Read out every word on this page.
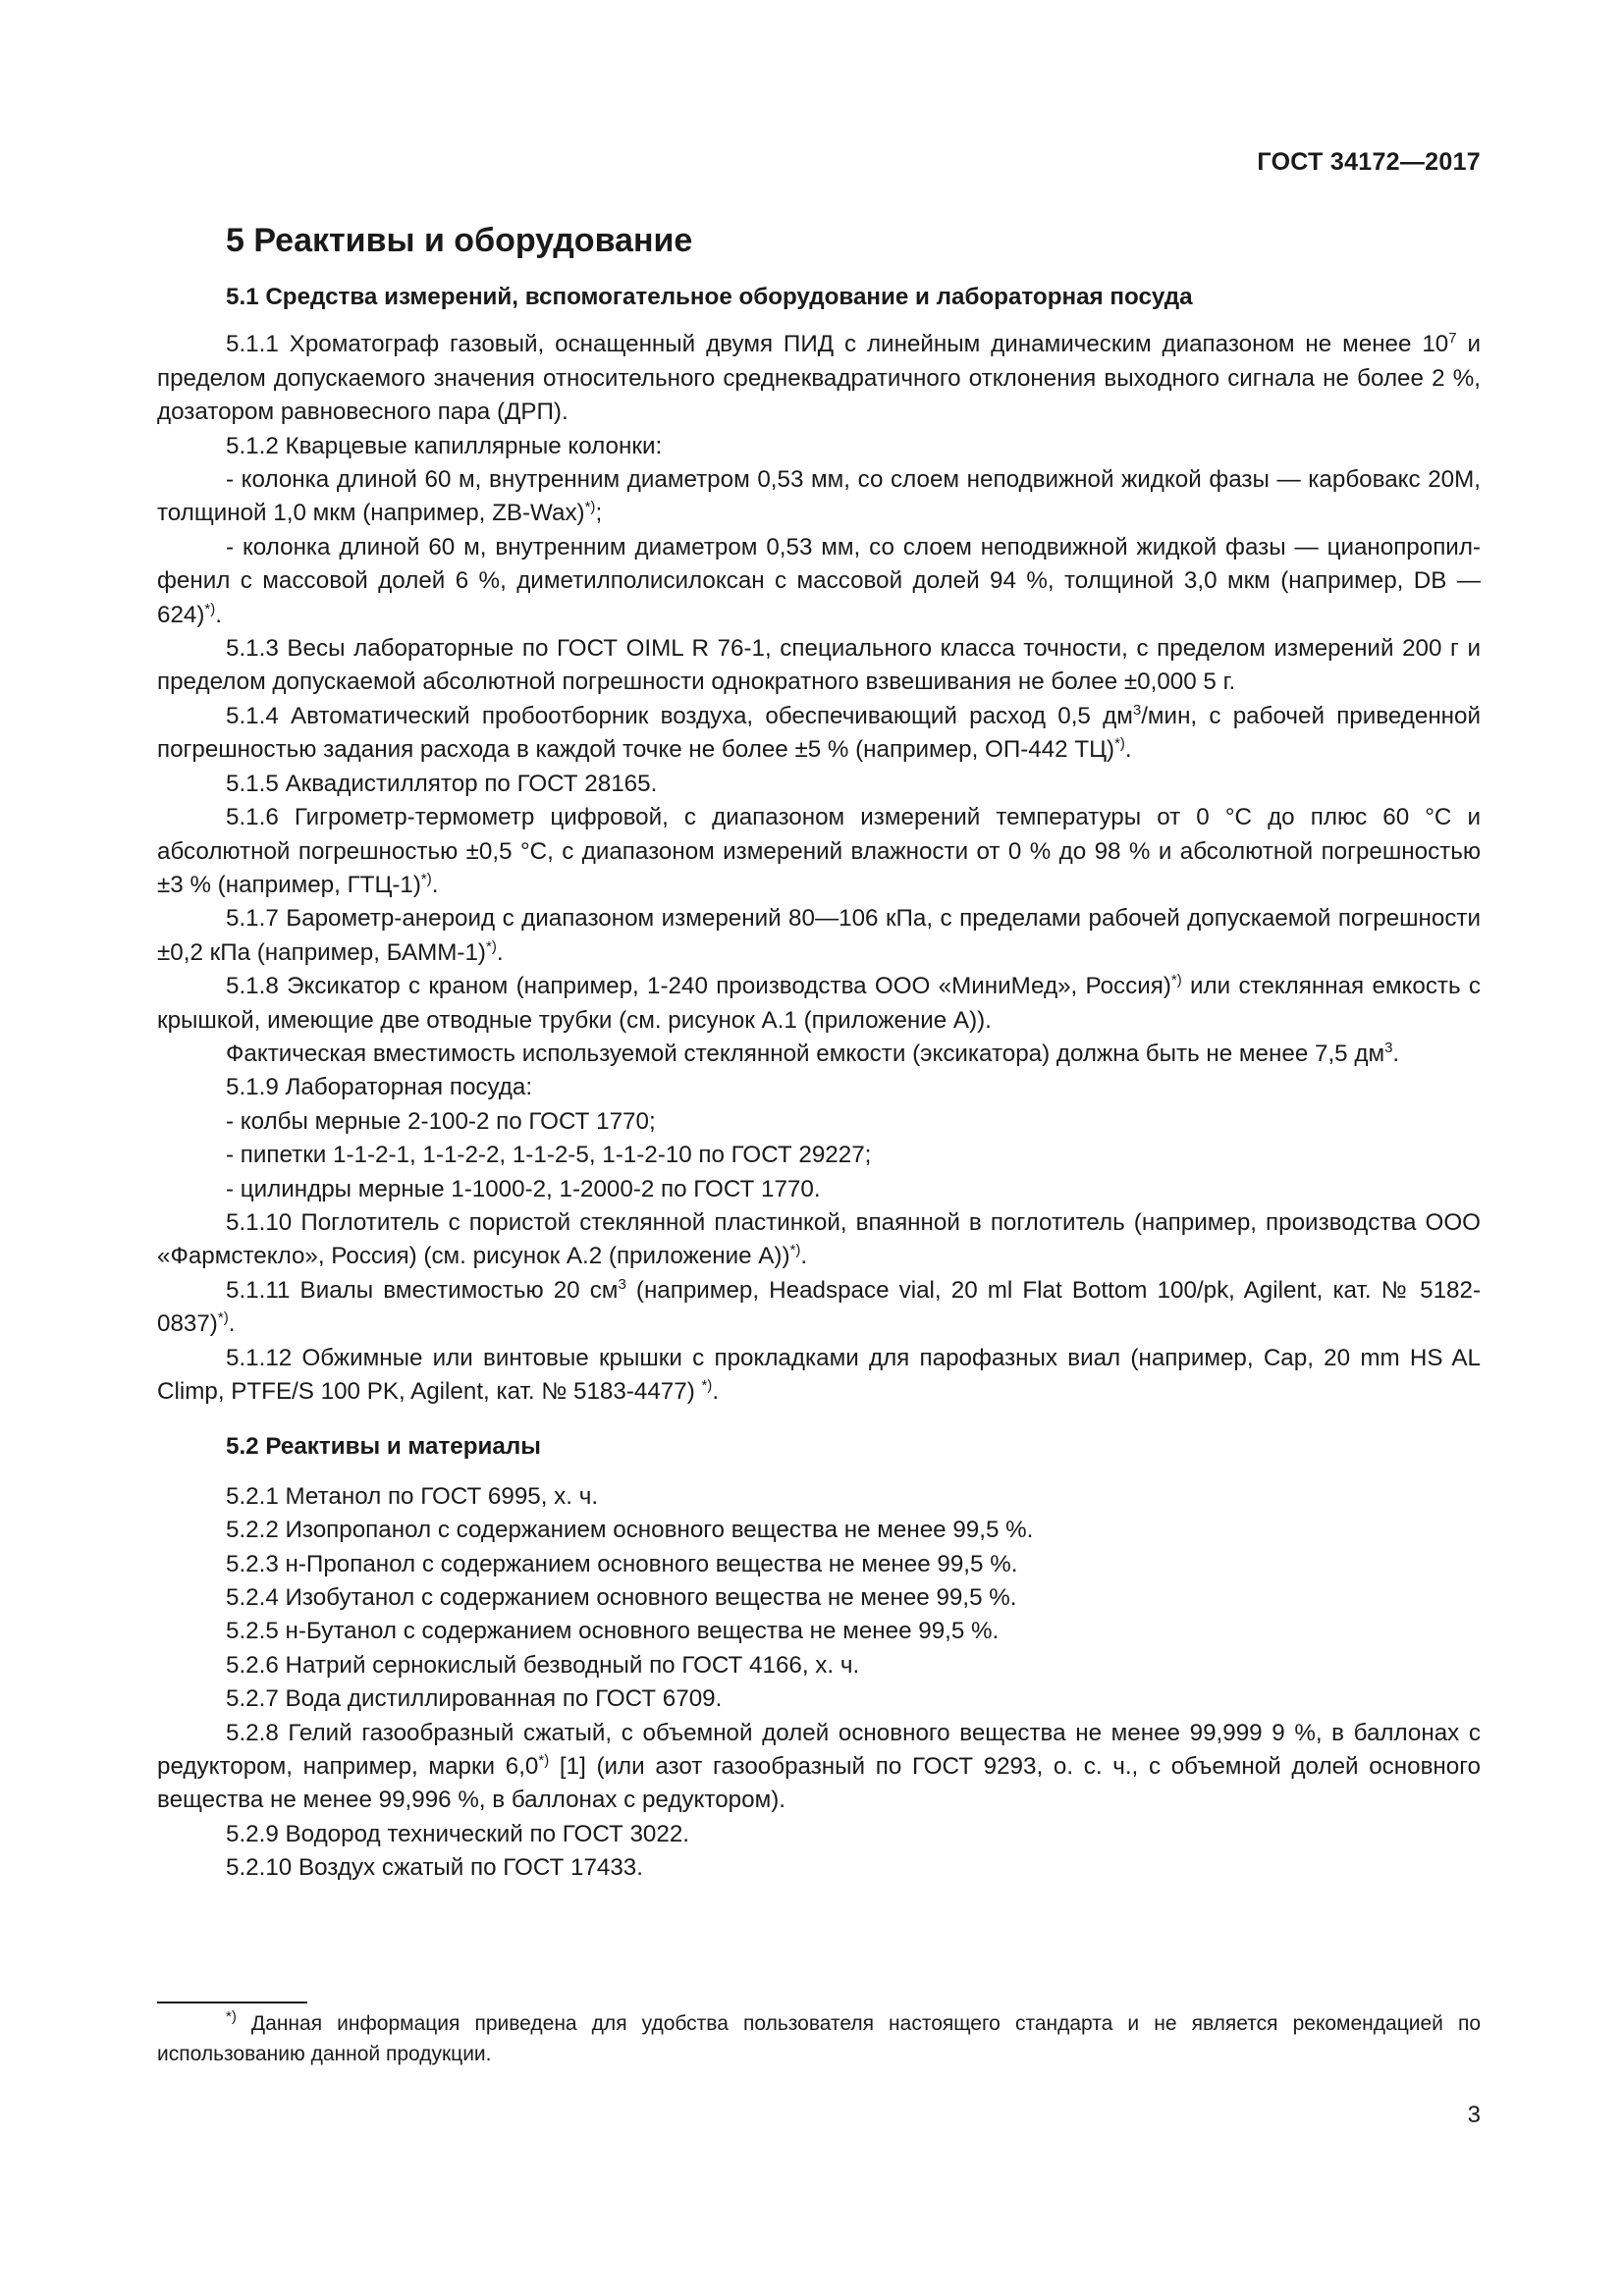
ГОСТ 34172—2017
5 Реактивы и оборудование
5.1 Средства измерений, вспомогательное оборудование и лабораторная посуда

5.1.1 Хроматограф газовый, оснащенный двумя ПИД с линейным динамическим диапазоном не менее $10^7$ и пределом допускаемого значения относительного среднеквадратичного отклонения выходного сигнала не более 2 %, дозатором равновесного пара (ДРП).

5.1.2 Кварцевые капиллярные колонки:

- колонка длиной 60 м, внутренним диаметром 0,53 мм, со слоем неподвижной жидкой фазы — карбовакс 20М, толщиной 1,0 мкм (например, ZB-Wax)*);

- колонка длиной 60 м, внутренним диаметром 0,53 мм, со слоем неподвижной жидкой фазы — цианопропил-фенил с массовой долей 6 %, диметилполисилоксан с массовой долей 94 %, толщиной 3,0 мкм (например, DB — 624)*).

5.1.3 Весы лабораторные по ГОСТ OIML R 76-1, специального класса точности, с пределом измерений 200 г и пределом допускаемой абсолютной погрешности однократного взвешивания не более ±0,000 5 г.

5.1.4 Автоматический пробоотборник воздуха, обеспечивающий расход 0,5 $дм^3$/мин, с рабочей приведенной погрешностью задания расхода в каждой точке не более ±5 % (например, ОП-442 ТЦ)*).

5.1.5 Аквадистиллятор по ГОСТ 28165.

5.1.6 Гигрометр-термометр цифровой, с диапазоном измерений температуры от 0 °С до плюс 60 °С и абсолютной погрешностью ±0,5 °С, с диапазоном измерений влажности от 0 % до 98 % и абсолютной погрешностью ±3 % (например, ГТЦ-1)*).

5.1.7 Барометр-анероид с диапазоном измерений 80—106 кПа, с пределами рабочей допускаемой погрешности ±0,2 кПа (например, БАММ-1)*).

5.1.8 Эксикатор с краном (например, 1-240 производства ООО «МиниМед», Россия)*) или стеклянная емкость с крышкой, имеющие две отводные трубки (см. рисунок А.1 (приложение А)).

Фактическая вместимость используемой стеклянной емкости (эксикатора) должна быть не менее 7,5 $дм^3$.

5.1.9 Лабораторная посуда:

- колбы мерные 2-100-2 по ГОСТ 1770;

- пипетки 1-1-2-1, 1-1-2-2, 1-1-2-5, 1-1-2-10 по ГОСТ 29227;

- цилиндры мерные 1-1000-2, 1-2000-2 по ГОСТ 1770.

5.1.10 Поглотитель с пористой стеклянной пластинкой, впаянной в поглотитель (например, производства ООО «Фармстекло», Россия) (см. рисунок А.2 (приложение А))*).

5.1.11 Виалы вместимостью 20 $см^3$ (например, Headspace vial, 20 ml Flat Bottom 100/pk, Agilent, кат. № 5182-0837)*).

5.1.12 Обжимные или винтовые крышки с прокладками для парофазных виал (например, Cap, 20 mm HS AL Climp, PTFE/S 100 PK, Agilent, кат. № 5183-4477) *).

5.2 Реактивы и материалы

5.2.1 Метанол по ГОСТ 6995, х. ч.

5.2.2 Изопропанол с содержанием основного вещества не менее 99,5 %.

5.2.3 н-Пропанол с содержанием основного вещества не менее 99,5 %.

5.2.4 Изобутанол с содержанием основного вещества не менее 99,5 %.

5.2.5 н-Бутанол с содержанием основного вещества не менее 99,5 %.

5.2.6 Натрий сернокислый безводный по ГОСТ 4166, х. ч.

5.2.7 Вода дистиллированная по ГОСТ 6709.

5.2.8 Гелий газообразный сжатый, с объемной долей основного вещества не менее 99,999 9 %, в баллонах с редуктором, например, марки 6,0*) [1] (или азот газообразный по ГОСТ 9293, о. с. ч., с объемной долей основного вещества не менее 99,996 %, в баллонах с редуктором).

5.2.9 Водород технический по ГОСТ 3022.

5.2.10 Воздух сжатый по ГОСТ 17433.

*) Данная информация приведена для удобства пользователя настоящего стандарта и не является рекомендацией по использованию данной продукции.
3
